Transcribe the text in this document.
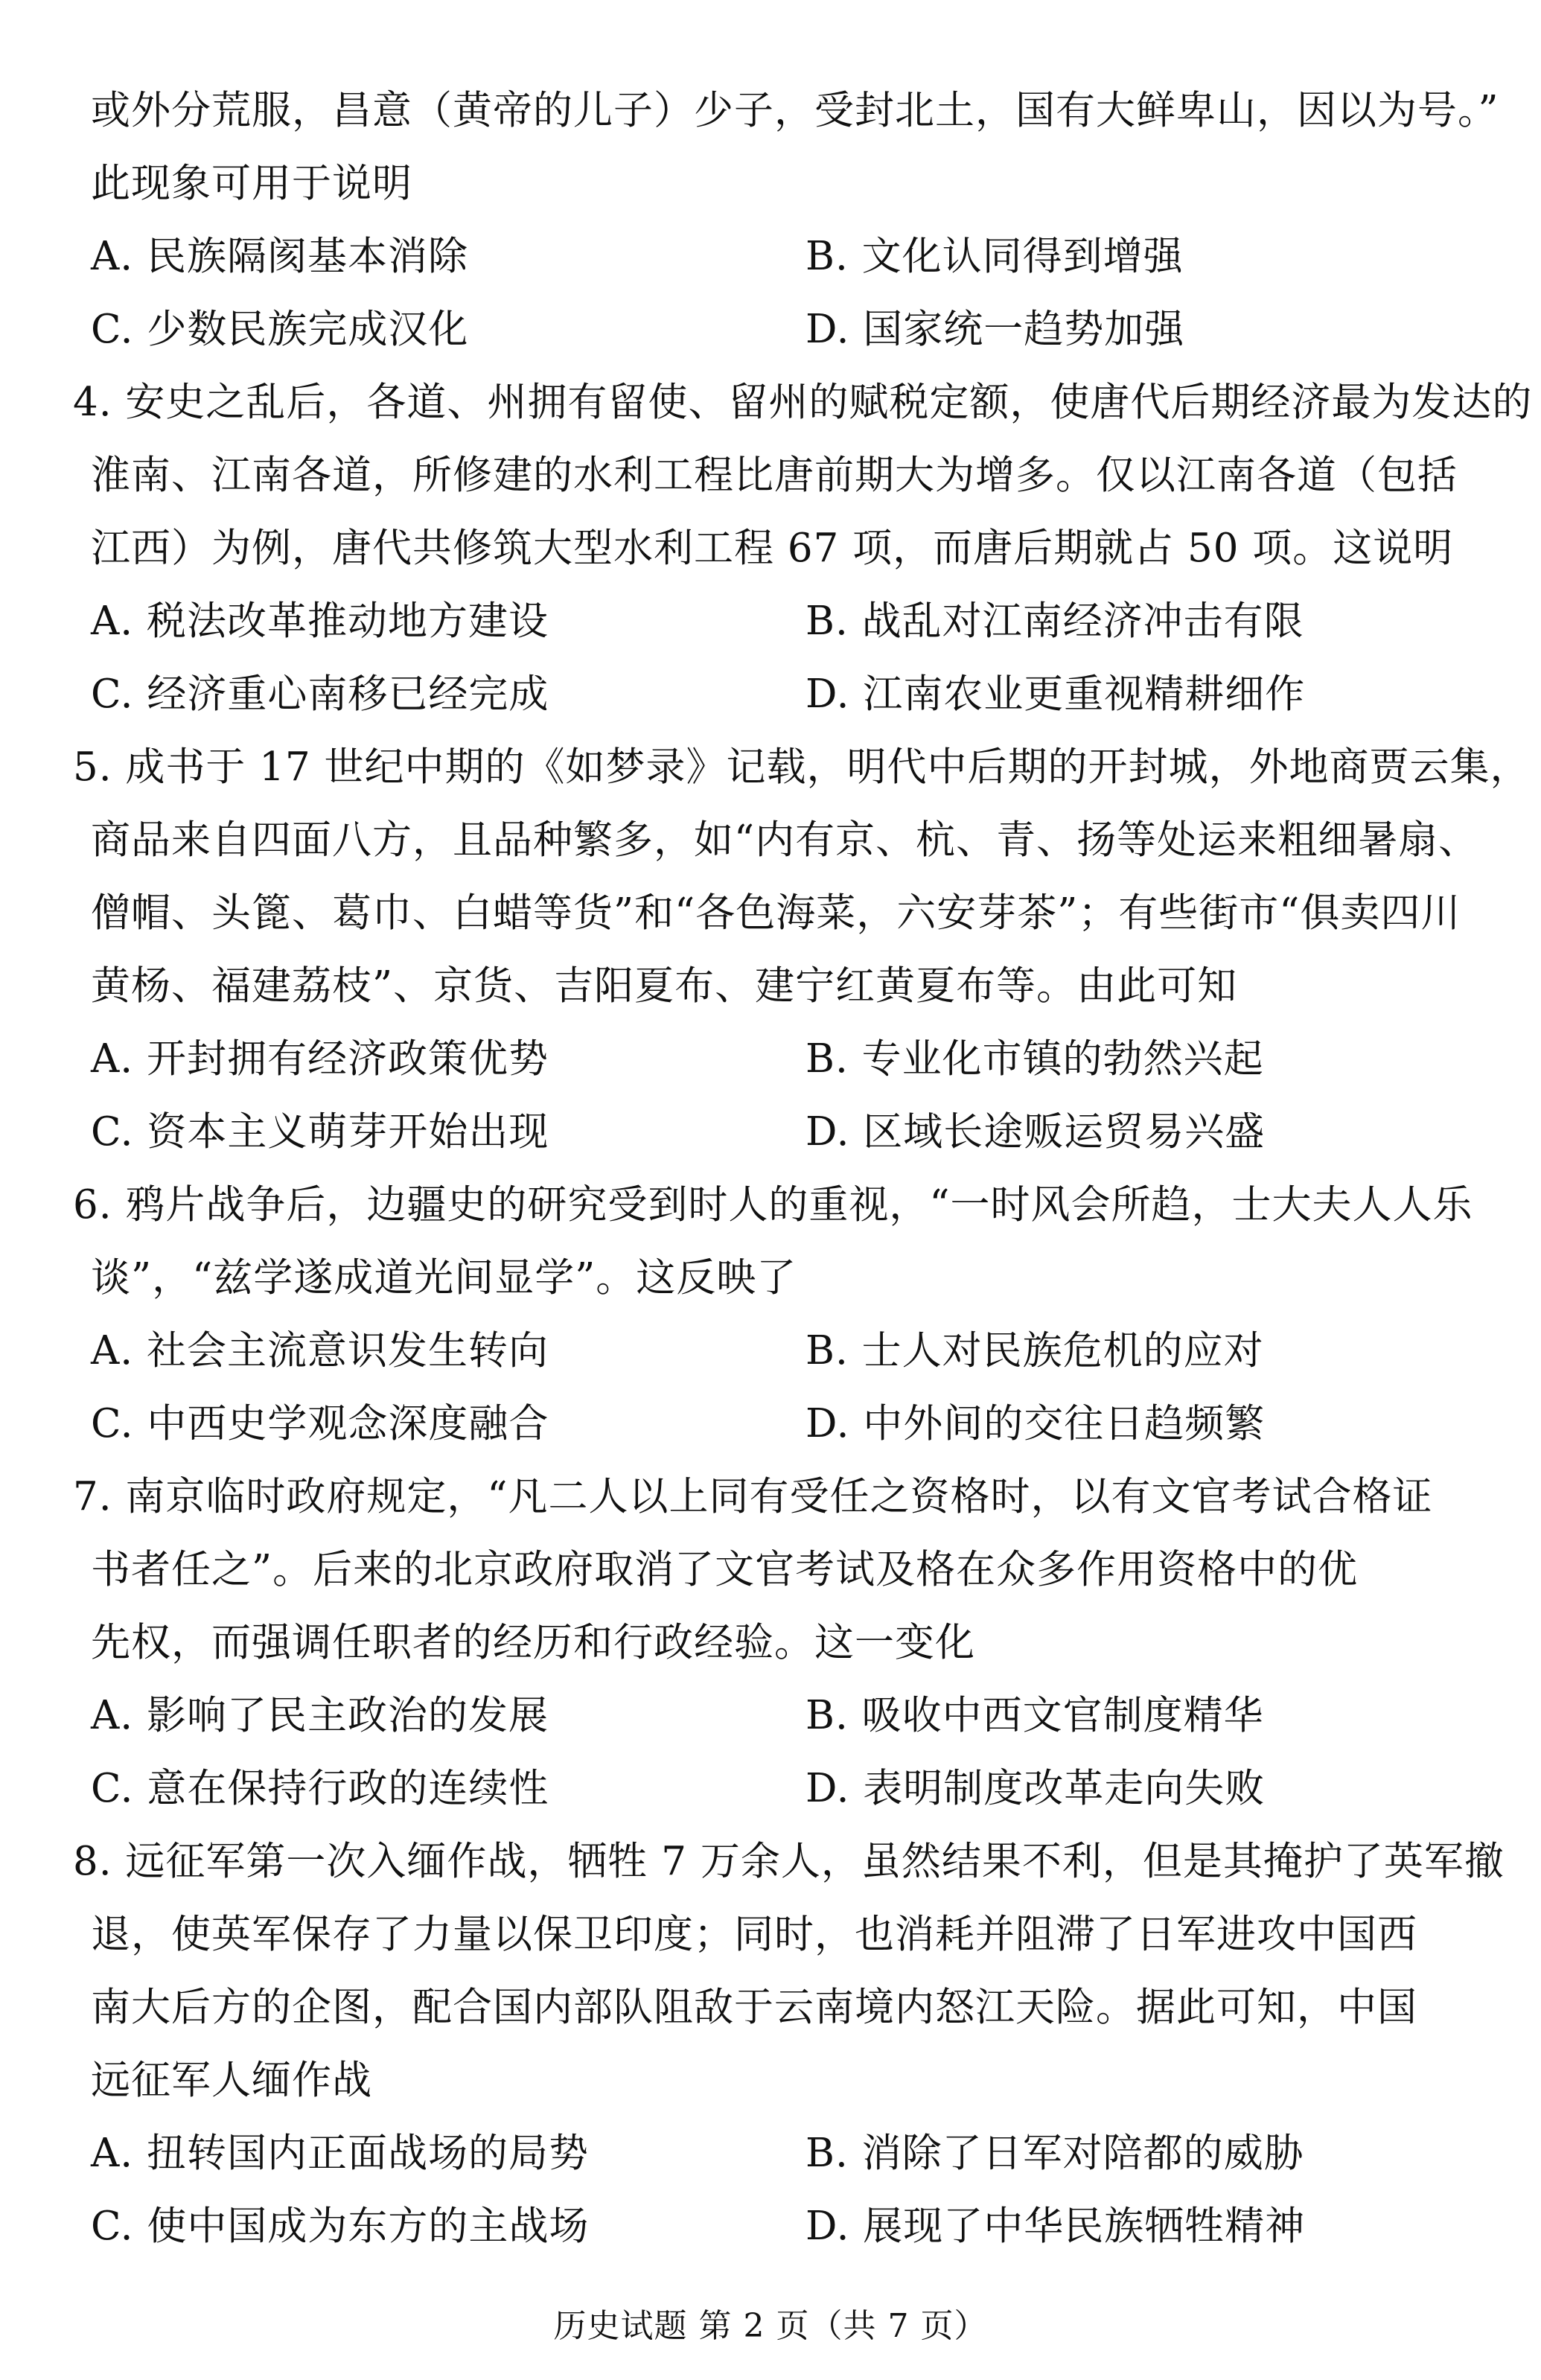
或外分荒服，昌意（黄帝的儿子）少子，受封北土，国有大鲜卑山，因以为号。”
此现象可用于说明
A. 民族隔阂基本消除	B. 文化认同得到增强
C. 少数民族完成汉化	D. 国家统一趋势加强
4. 安史之乱后，各道、州拥有留使、留州的赋税定额，使唐代后期经济最为发达的
淮南、江南各道，所修建的水利工程比唐前期大为增多。仅以江南各道（包括
江西）为例，唐代共修筑大型水利工程 67 项，而唐后期就占 50 项。这说明
A. 税法改革推动地方建设	B. 战乱对江南经济冲击有限
C. 经济重心南移已经完成	D. 江南农业更重视精耕细作
5. 成书于 17 世纪中期的《如梦录》记载，明代中后期的开封城，外地商贾云集，
商品来自四面八方，且品种繁多，如“内有京、杭、青、扬等处运来粗细暑扇、
僧帽、头篦、葛巾、白蜡等货”和“各色海菜，六安芽茶”；有些街市“俱卖四川
黄杨、福建荔枝”、京货、吉阳夏布、建宁红黄夏布等。由此可知
A. 开封拥有经济政策优势	B. 专业化市镇的勃然兴起
C. 资本主义萌芽开始出现	D. 区域长途贩运贸易兴盛
6. 鸦片战争后，边疆史的研究受到时人的重视，“一时风会所趋，士大夫人人乐
谈”，“兹学遂成道光间显学”。这反映了
A. 社会主流意识发生转向	B. 士人对民族危机的应对
C. 中西史学观念深度融合	D. 中外间的交往日趋频繁
7. 南京临时政府规定，“凡二人以上同有受任之资格时，以有文官考试合格证
书者任之”。后来的北京政府取消了文官考试及格在众多作用资格中的优
先权，而强调任职者的经历和行政经验。这一变化
A. 影响了民主政治的发展	B. 吸收中西文官制度精华
C. 意在保持行政的连续性	D. 表明制度改革走向失败
8. 远征军第一次入缅作战，牺牲 7 万余人，虽然结果不利，但是其掩护了英军撤
退，使英军保存了力量以保卫印度；同时，也消耗并阻滞了日军进攻中国西
南大后方的企图，配合国内部队阻敌于云南境内怒江天险。据此可知，中国
远征军人缅作战
A. 扭转国内正面战场的局势	B. 消除了日军对陪都的威胁
C. 使中国成为东方的主战场	D. 展现了中华民族牺牲精神
历史试题 第 2 页（共 7 页）
